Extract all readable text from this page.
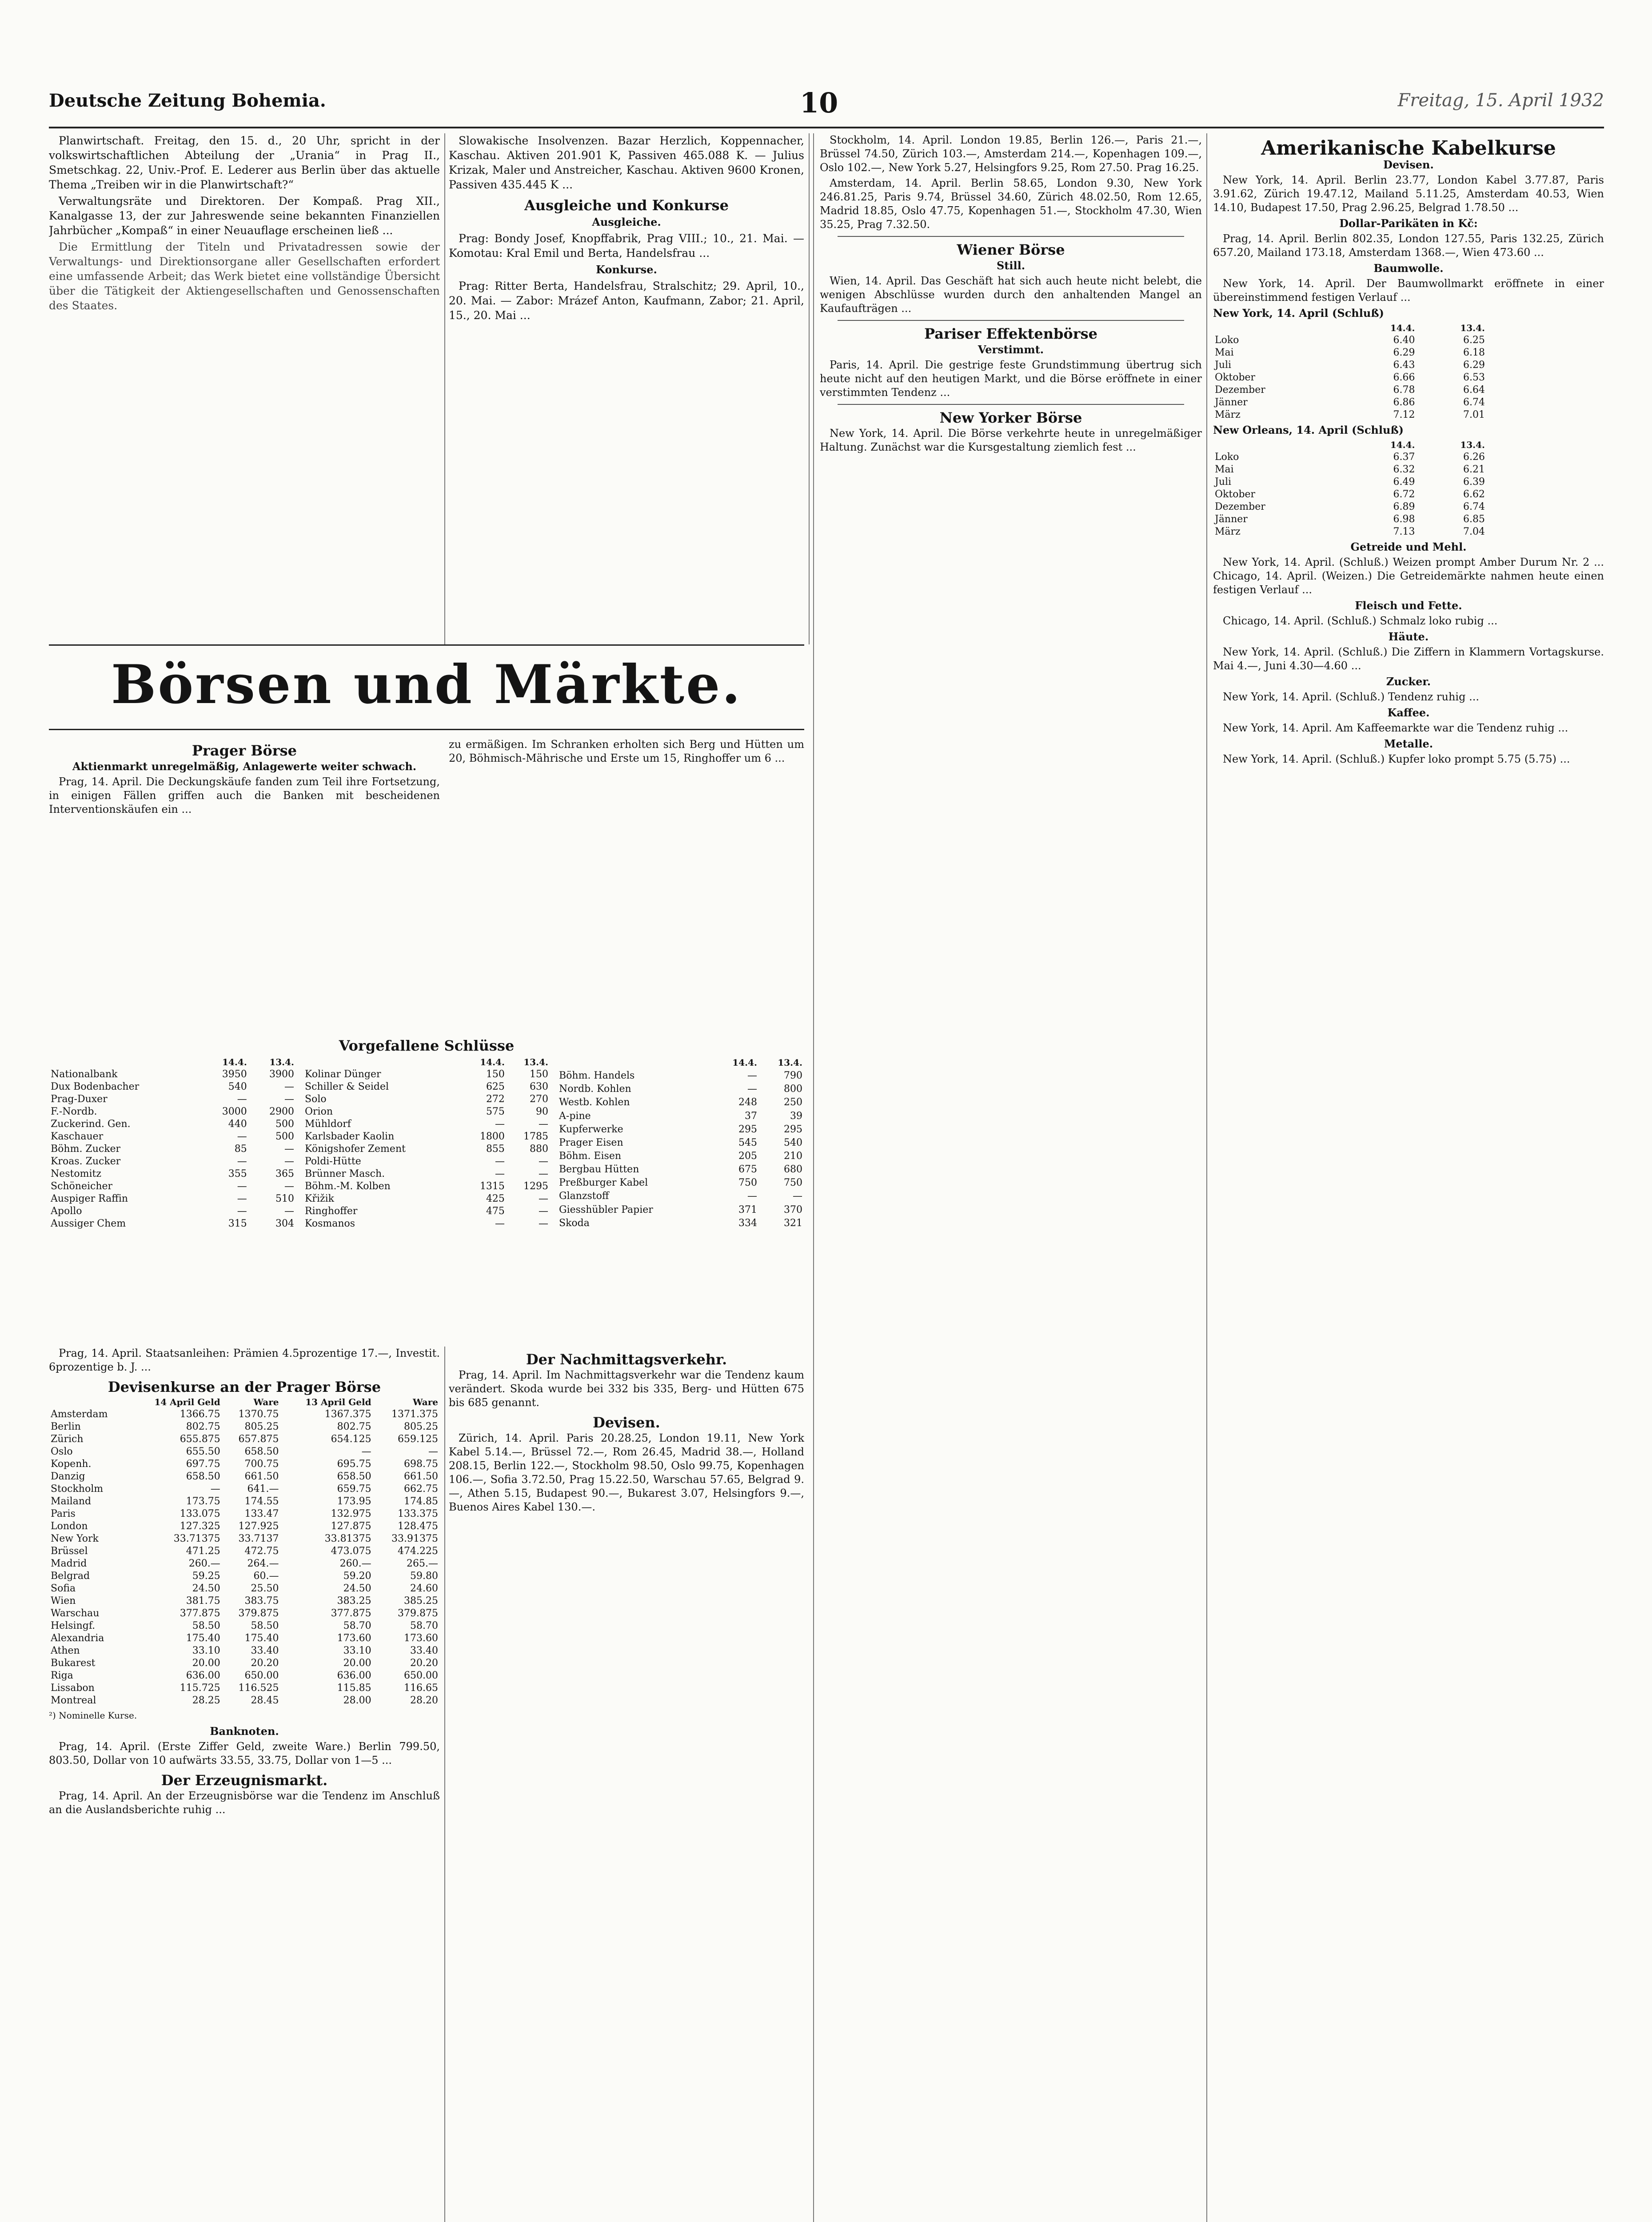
Deutsche Zeitung Bohemia.	10	Freitag, 15. April 1932

Planwirtschaft. Freitag, den 15. d., 20 Uhr, spricht in der volkswirtschaftlichen Abteilung der „Urania“ in Prag II., Smetschkag. 22, Univ.-Prof. E. Lederer aus Berlin über das aktuelle Thema „Treiben wir in die Planwirtschaft?“

Verwaltungsräte und Direktoren. Der Kompaß. Prag XII., Kanalgasse 13, der zur Jahreswende seine bekannten Finanziellen Jahrbücher „Kompaß“ in einer Neuauflage erscheinen ließ ...

Die Ermittlung der Titeln und Privatadressen sowie der Verwaltungs- und Direktionsorgane aller Gesellschaften erfordert eine umfassende Arbeit; das Werk bietet eine vollständige Übersicht über die Tätigkeit der Aktiengesellschaften und Genossenschaften des Staates.

Slowakische Insolvenzen. Bazar Herzlich, Koppennacher, Kaschau. Aktiven 201.901 K, Passiven 465.088 K. — Julius Krizak, Maler und Anstreicher, Kaschau. Aktiven 9600 Kronen, Passiven 435.445 K ...

Ausgleiche und Konkurse
Ausgleiche.

Prag: Bondy Josef, Knopffabrik, Prag VIII.; 10., 21. Mai. — Komotau: Kral Emil und Berta, Handelsfrau ...

Konkurse.

Prag: Ritter Berta, Handelsfrau, Stralschitz; 29. April, 10., 20. Mai. — Zabor: Mrázef Anton, Kaufmann, Zabor; 21. April, 15., 20. Mai ...

Börsen und Märkte.
Prager Börse
Aktienmarkt unregelmäßig, Anlagewerte weiter schwach.

Prag, 14. April. Die Deckungskäufe fanden zum Teil ihre Fortsetzung, in einigen Fällen griffen auch die Banken mit bescheidenen Interventionskäufen ein ...

zu ermäßigen. Im Schranken erholten sich Berg und Hütten um 20, Böhmisch-Mährische und Erste um 15, Ringhoffer um 6 ...

Vorgefallene Schlüsse
	14.4.	13.4.
Nationalbank	3950	3900
Dux Bodenbacher	540	—
Prag-Duxer	—	—
F.-Nordb.	3000	2900
Zuckerind. Gen.	440	500
Kaschauer	—	500
Böhm. Zucker	85	—
Kroas. Zucker	—	—
Nestomitz	355	365
Schöneicher	—	—
Auspiger Raffin	—	510
Apollo	—	—
Aussiger Chem	315	304
	14.4.	13.4.
Kolinar Dünger	150	150
Schiller & Seidel	625	630
Solo	272	270
Orion	575	90
Mühldorf	—	—
Karlsbader Kaolin	1800	1785
Königshofer Zement	855	880
Poldi-Hütte	—	—
Brünner Masch.	—	—
Böhm.-M. Kolben	1315	1295
Křižik	425	—
Ringhoffer	475	—
Kosmanos	—	—
	14.4.	13.4.
Böhm. Handels	—	790
Nordb. Kohlen	—	800
Westb. Kohlen	248	250
A-pine	37	39
Kupferwerke	295	295
Prager Eisen	545	540
Böhm. Eisen	205	210
Bergbau Hütten	675	680
Preßburger Kabel	750	750
Glanzstoff	—	—
Giesshübler Papier	371	370
Skoda	334	321

Prag, 14. April. Staatsanleihen: Prämien 4.5prozentige 17.—, Investit. 6prozentige b. J. ...

Devisenkurse an der Prager Börse
	14 April Geld	Ware	13 April Geld	Ware
Amsterdam	1366.75	1370.75	1367.375	1371.375
Berlin	802.75	805.25	802.75	805.25
Zürich	655.875	657.875	654.125	659.125
Oslo	655.50	658.50	—	—
Kopenh.	697.75	700.75	695.75	698.75
Danzig	658.50	661.50	658.50	661.50
Stockholm	—	641.—	659.75	662.75
Mailand	173.75	174.55	173.95	174.85
Paris	133.075	133.47	132.975	133.375
London	127.325	127.925	127.875	128.475
New York	33.71375	33.7137	33.81375	33.91375
Brüssel	471.25	472.75	473.075	474.225
Madrid	260.—	264.—	260.—	265.—
Belgrad	59.25	60.—	59.20	59.80
Sofia	24.50	25.50	24.50	24.60
Wien	381.75	383.75	383.25	385.25
Warschau	377.875	379.875	377.875	379.875
Helsingf.	58.50	58.50	58.70	58.70
Alexandria	175.40	175.40	173.60	173.60
Athen	33.10	33.40	33.10	33.40
Bukarest	20.00	20.20	20.00	20.20
Riga	636.00	650.00	636.00	650.00
Lissabon	115.725	116.525	115.85	116.65
Montreal	28.25	28.45	28.00	28.20
²) Nominelle Kurse.
Banknoten.

Prag, 14. April. (Erste Ziffer Geld, zweite Ware.) Berlin 799.50, 803.50, Dollar von 10 aufwärts 33.55, 33.75, Dollar von 1—5 ...

Der Erzeugnismarkt.

Prag, 14. April. An der Erzeugnisbörse war die Tendenz im Anschluß an die Auslandsberichte ruhig ...

Der Nachmittagsverkehr.

Prag, 14. April. Im Nachmittagsverkehr war die Tendenz kaum verändert. Skoda wurde bei 332 bis 335, Berg- und Hütten 675 bis 685 genannt.

Devisen.

Zürich, 14. April. Paris 20.28.25, London 19.11, New York Kabel 5.14.—, Brüssel 72.—, Rom 26.45, Madrid 38.—, Holland 208.15, Berlin 122.—, Stockholm 98.50, Oslo 99.75, Kopenhagen 106.—, Sofia 3.72.50, Prag 15.22.50, Warschau 57.65, Belgrad 9.—, Athen 5.15, Budapest 90.—, Bukarest 3.07, Helsingfors 9.—, Buenos Aires Kabel 130.—.

Stockholm, 14. April. London 19.85, Berlin 126.—, Paris 21.—, Brüssel 74.50, Zürich 103.—, Amsterdam 214.—, Kopenhagen 109.—, Oslo 102.—, New York 5.27, Helsingfors 9.25, Rom 27.50. Prag 16.25.

Amsterdam, 14. April. Berlin 58.65, London 9.30, New York 246.81.25, Paris 9.74, Brüssel 34.60, Zürich 48.02.50, Rom 12.65, Madrid 18.85, Oslo 47.75, Kopenhagen 51.—, Stockholm 47.30, Wien 35.25, Prag 7.32.50.

Wiener Börse
Still.

Wien, 14. April. Das Geschäft hat sich auch heute nicht belebt, die wenigen Abschlüsse wurden durch den anhaltenden Mangel an Kaufaufträgen ...

Pariser Effektenbörse
Verstimmt.

Paris, 14. April. Die gestrige feste Grundstimmung übertrug sich heute nicht auf den heutigen Markt, und die Börse eröffnete in einer verstimmten Tendenz ...

New Yorker Börse

New York, 14. April. Die Börse verkehrte heute in unregelmäßiger Haltung. Zunächst war die Kursgestaltung ziemlich fest ...

Amerikanische Kabelkurse
Devisen.

New York, 14. April. Berlin 23.77, London Kabel 3.77.87, Paris 3.91.62, Zürich 19.47.12, Mailand 5.11.25, Amsterdam 40.53, Wien 14.10, Budapest 17.50, Prag 2.96.25, Belgrad 1.78.50 ...

Dollar-Parikäten in Kč:

Prag, 14. April. Berlin 802.35, London 127.55, Paris 132.25, Zürich 657.20, Mailand 173.18, Amsterdam 1368.—, Wien 473.60 ...

Baumwolle.

New York, 14. April. Der Baumwollmarkt eröffnete in einer übereinstimmend festigen Verlauf ...

New York, 14. April (Schluß)
	14.4.	13.4.
Loko	6.40	6.25
Mai	6.29	6.18
Juli	6.43	6.29
Oktober	6.66	6.53
Dezember	6.78	6.64
Jänner	6.86	6.74
März	7.12	7.01
New Orleans, 14. April (Schluß)
	14.4.	13.4.
Loko	6.37	6.26
Mai	6.32	6.21
Juli	6.49	6.39
Oktober	6.72	6.62
Dezember	6.89	6.74
Jänner	6.98	6.85
März	7.13	7.04
Getreide und Mehl.

New York, 14. April. (Schluß.) Weizen prompt Amber Durum Nr. 2 ... Chicago, 14. April. (Weizen.) Die Getreidemärkte nahmen heute einen festigen Verlauf ...

Fleisch und Fette.

Chicago, 14. April. (Schluß.) Schmalz loko rubig ...

Häute.

New York, 14. April. (Schluß.) Die Ziffern in Klammern Vortagskurse. Mai 4.—, Juni 4.30—4.60 ...

Zucker.

New York, 14. April. (Schluß.) Tendenz ruhig ...

Kaffee.

New York, 14. April. Am Kaffeemarkte war die Tendenz ruhig ...

Metalle.

New York, 14. April. (Schluß.) Kupfer loko prompt 5.75 (5.75) ...
